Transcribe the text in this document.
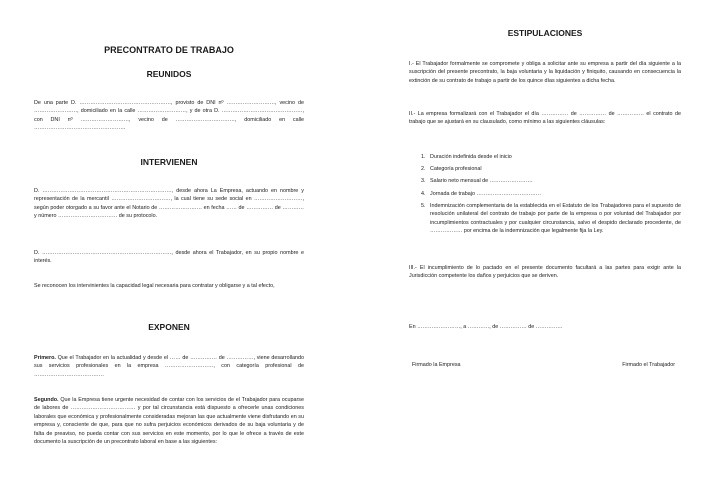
PRECONTRATO DE TRABAJO
REUNIDOS

De una parte D. ……………………………………………, provisto de DNI nº ………………………, vecino de ……………………, domiciliado en la calle ………………………, y de otra D. ………………………………………, con DNI nº ………………………, vecino de ……………………………, domiciliado en calle ……………………………………………

INTERVIENEN

D. ………………………………………………………………, desde ahora La Empresa, actuando en nombre y representación de la mercantil ……………………………, la cual tiene su sede social en ………………………, según poder otorgado a su favor ante el Notario de …………………… en fecha …… de …………… de ………… y número …………………………… de su protocolo.

D. ………………………………………………………………, desde ahora el Trabajador, en su propio nombre e interés.

Se reconocen los intervinientes la capacidad legal necesaria para contratar y obligarse y a tal efecto,

EXPONEN

Primero. Que el Trabajador en la actualidad y desde el …… de …………… de ……………, viene desarrollando sus servicios profesionales en la empresa ………………………, con categoría profesional de …………………………………

Segundo. Que la Empresa tiene urgente necesidad de contar con los servicios de el Trabajador para ocuparse de labores de ……………………………… y por tal circunstancia está dispuesto a ofrecerle unas condiciones laborales que económica y profesionalmente consideradas mejoran las que actualmente viene disfrutando en su empresa y, consciente de que, para que no sufra perjuicios económicos derivados de su baja voluntaria y de falta de preaviso, no pueda contar con sus servicios en este momento, por lo que le ofrece a través de este documento la suscripción de un precontrato laboral en base a las siguientes:

ESTIPULACIONES

I.- El Trabajador formalmente se compromete y obliga a solicitar ante su empresa a partir del día siguiente a la suscripción del presente precontrato, la baja voluntaria y la liquidación y finiquito, causando en consecuencia la extinción de su contrato de trabajo a partir de los quince días siguientes a dicha fecha.

II.- La empresa formalizará con el Trabajador el día …………… de …………… de …………… el contrato de trabajo que se ajustará en su clausulado, como mínimo a las siguientes cláusulas:

1. Duración indefinida desde el inicio
2. Categoría profesional
3. Salario neto mensual de ……………………
4. Jornada de trabajo ………………………………
5. Indemnización complementaria de la establecida en el Estatuto de los Trabajadores para el supuesto de resolución unilateral del contrato de trabajo por parte de la empresa o por voluntad del Trabajador por incumplimientos contractuales y por cualquier circunstancia, salvo el despido declarado procedente, de ……………… por encima de la indemnización que legalmente fija la Ley.

III.- El incumplimiento de lo pactado en el presente documento facultará a las partes para exigir ante la Jurisdicción competente los daños y perjuicios que se deriven.

En ……………………, a …………, de …………… de ……………

Firmado la Empresa	Firmado el Trabajador
